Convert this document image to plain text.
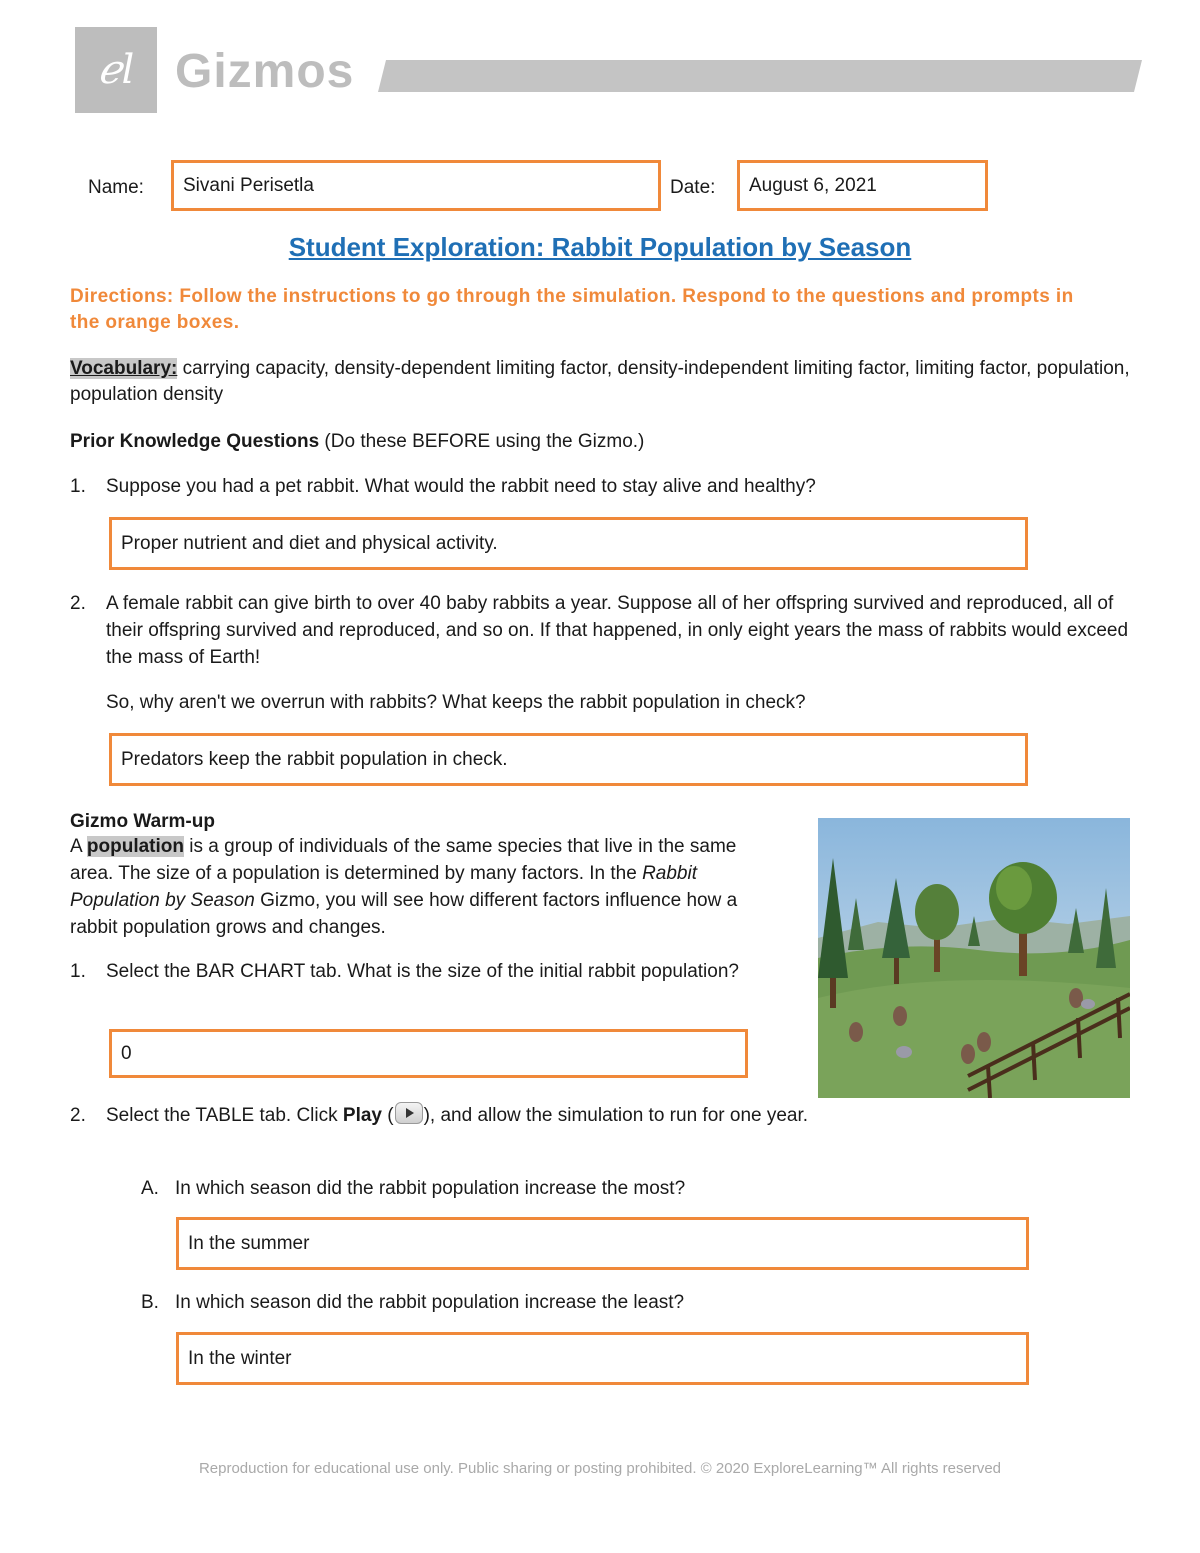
ℯl Gizmos
Name: Sivani Perisetla	Date: August 6, 2021
Student Exploration: Rabbit Population by Season
Directions: Follow the instructions to go through the simulation. Respond to the questions and prompts in the orange boxes.
Vocabulary: carrying capacity, density-dependent limiting factor, density-independent limiting factor, limiting factor, population, population density
Prior Knowledge Questions (Do these BEFORE using the Gizmo.)
1. Suppose you had a pet rabbit. What would the rabbit need to stay alive and healthy?
Proper nutrient and diet and physical activity.
2. A female rabbit can give birth to over 40 baby rabbits a year. Suppose all of her offspring survived and reproduced, all of their offspring survived and reproduced, and so on. If that happened, in only eight years the mass of rabbits would exceed the mass of Earth!
So, why aren't we overrun with rabbits? What keeps the rabbit population in check?
Predators keep the rabbit population in check.
Gizmo Warm-up
A population is a group of individuals of the same species that live in the same area. The size of a population is determined by many factors. In the Rabbit Population by Season Gizmo, you will see how different factors influence how a rabbit population grows and changes.
1. Select the BAR CHART tab. What is the size of the initial rabbit population?
0
2. Select the TABLE tab. Click Play ( ), and allow the simulation to run for one year.
A. In which season did the rabbit population increase the most?
In the summer
B. In which season did the rabbit population increase the least?
In the winter
Reproduction for educational use only. Public sharing or posting prohibited. © 2020 ExploreLearning™ All rights reserved
